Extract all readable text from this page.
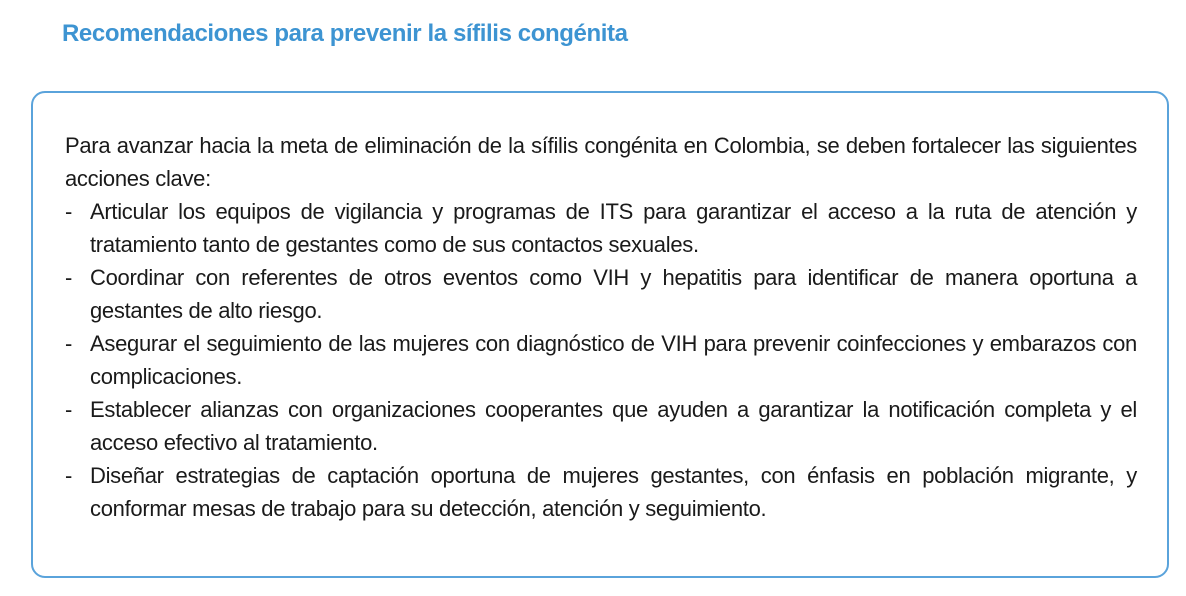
Recomendaciones para prevenir la sífilis congénita

Para avanzar hacia la meta de eliminación de la sífilis congénita en Colombia, se deben fortalecer las siguientes acciones clave:

- Articular los equipos de vigilancia y programas de ITS para garantizar el acceso a la ruta de atención y tratamiento tanto de gestantes como de sus contactos sexuales.
- Coordinar con referentes de otros eventos como VIH y hepatitis para identificar de manera oportuna a gestantes de alto riesgo.
- Asegurar el seguimiento de las mujeres con diagnóstico de VIH para prevenir coinfecciones y embarazos con complicaciones.
- Establecer alianzas con organizaciones cooperantes que ayuden a garantizar la notificación completa y el acceso efectivo al tratamiento.
- Diseñar estrategias de captación oportuna de mujeres gestantes, con énfasis en población migrante, y conformar mesas de trabajo para su detección, atención y seguimiento.
